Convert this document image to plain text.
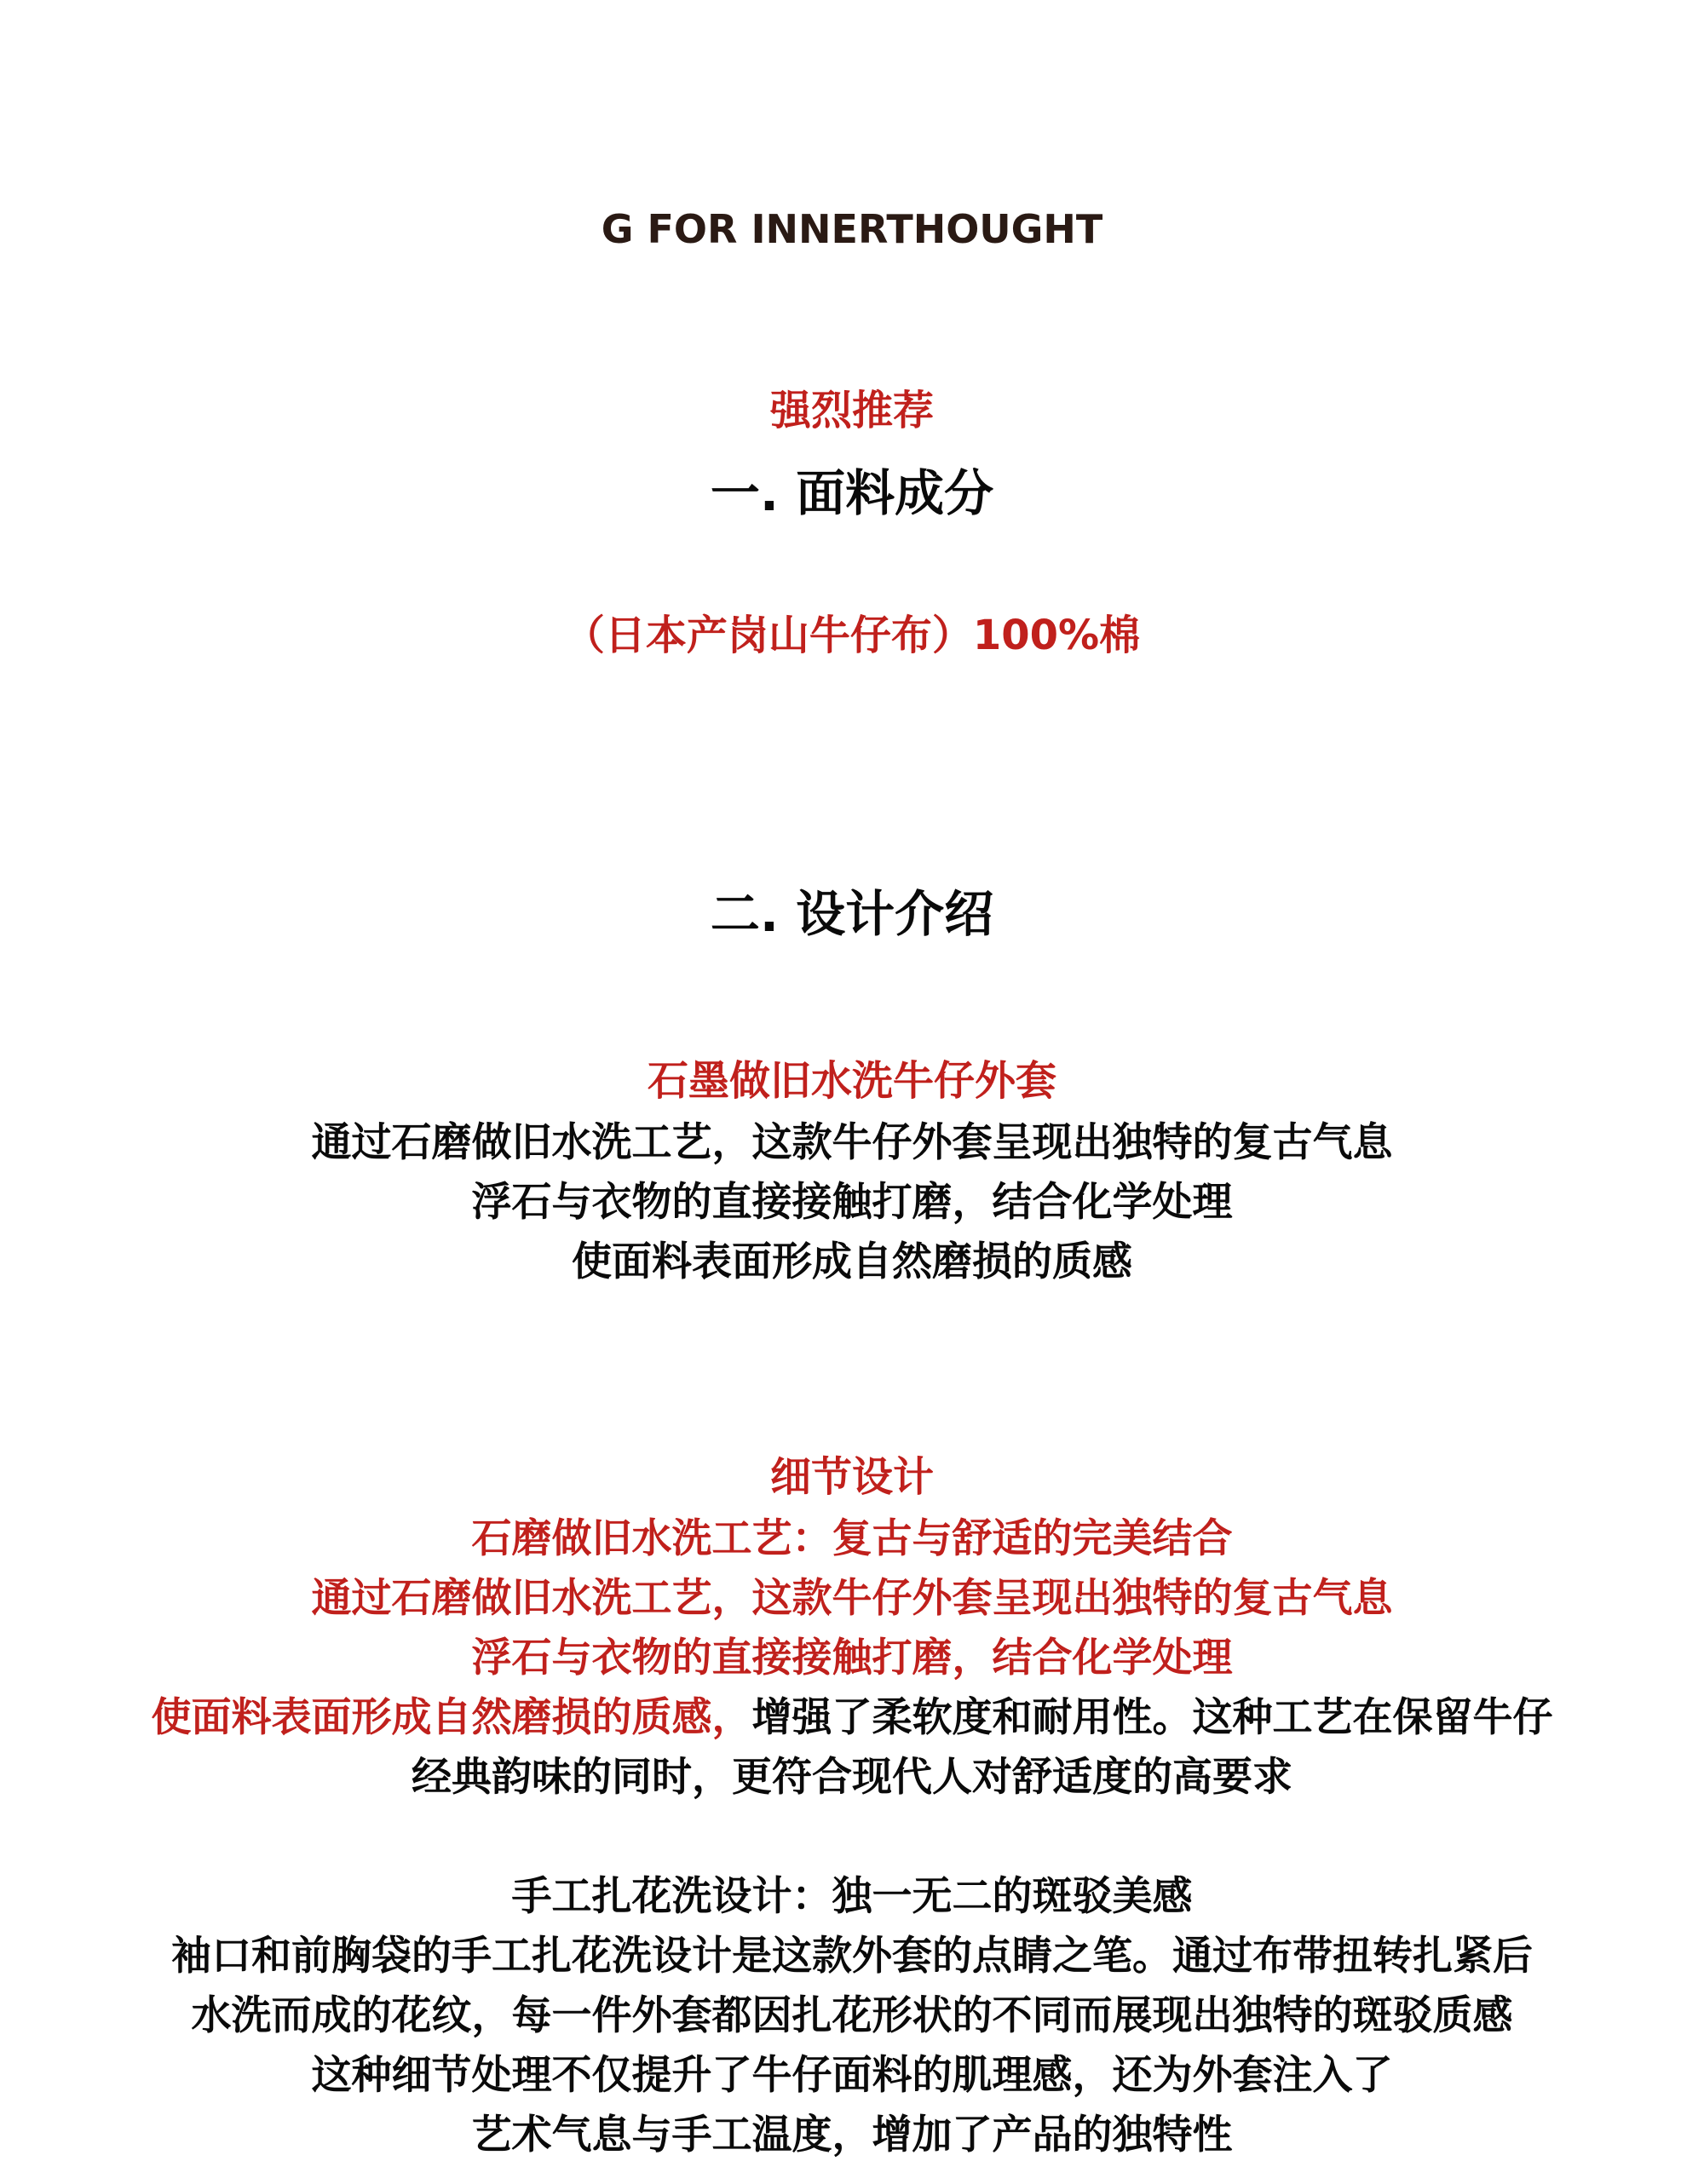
G FOR INNERTHOUGHT
强烈推荐
一. 面料成分
（日本产岗山牛仔布）100%棉
二. 设计介绍
石墨做旧水洗牛仔外套
通过石磨做旧水洗工艺，这款牛仔外套呈现出独特的复古气息
浮石与衣物的直接接触打磨，结合化学处理
使面料表面形成自然磨损的质感
细节设计
石磨做旧水洗工艺：复古与舒适的完美结合
通过石磨做旧水洗工艺，这款牛仔外套呈现出独特的复古气息
浮石与衣物的直接接触打磨，结合化学处理
使面料表面形成自然磨损的质感，增强了柔软度和耐用性。这种工艺在保留牛仔
经典韵味的同时，更符合现代人对舒适度的高要求
手工扎花洗设计：独一无二的斑驳美感
袖口和前胸袋的手工扎花洗设计是这款外套的点睛之笔。通过布带扭转扎紧后
水洗而成的花纹，每一件外套都因扎花形状的不同而展现出独特的斑驳质感
这种细节处理不仅提升了牛仔面料的肌理感，还为外套注入了
艺术气息与手工温度，增加了产品的独特性
